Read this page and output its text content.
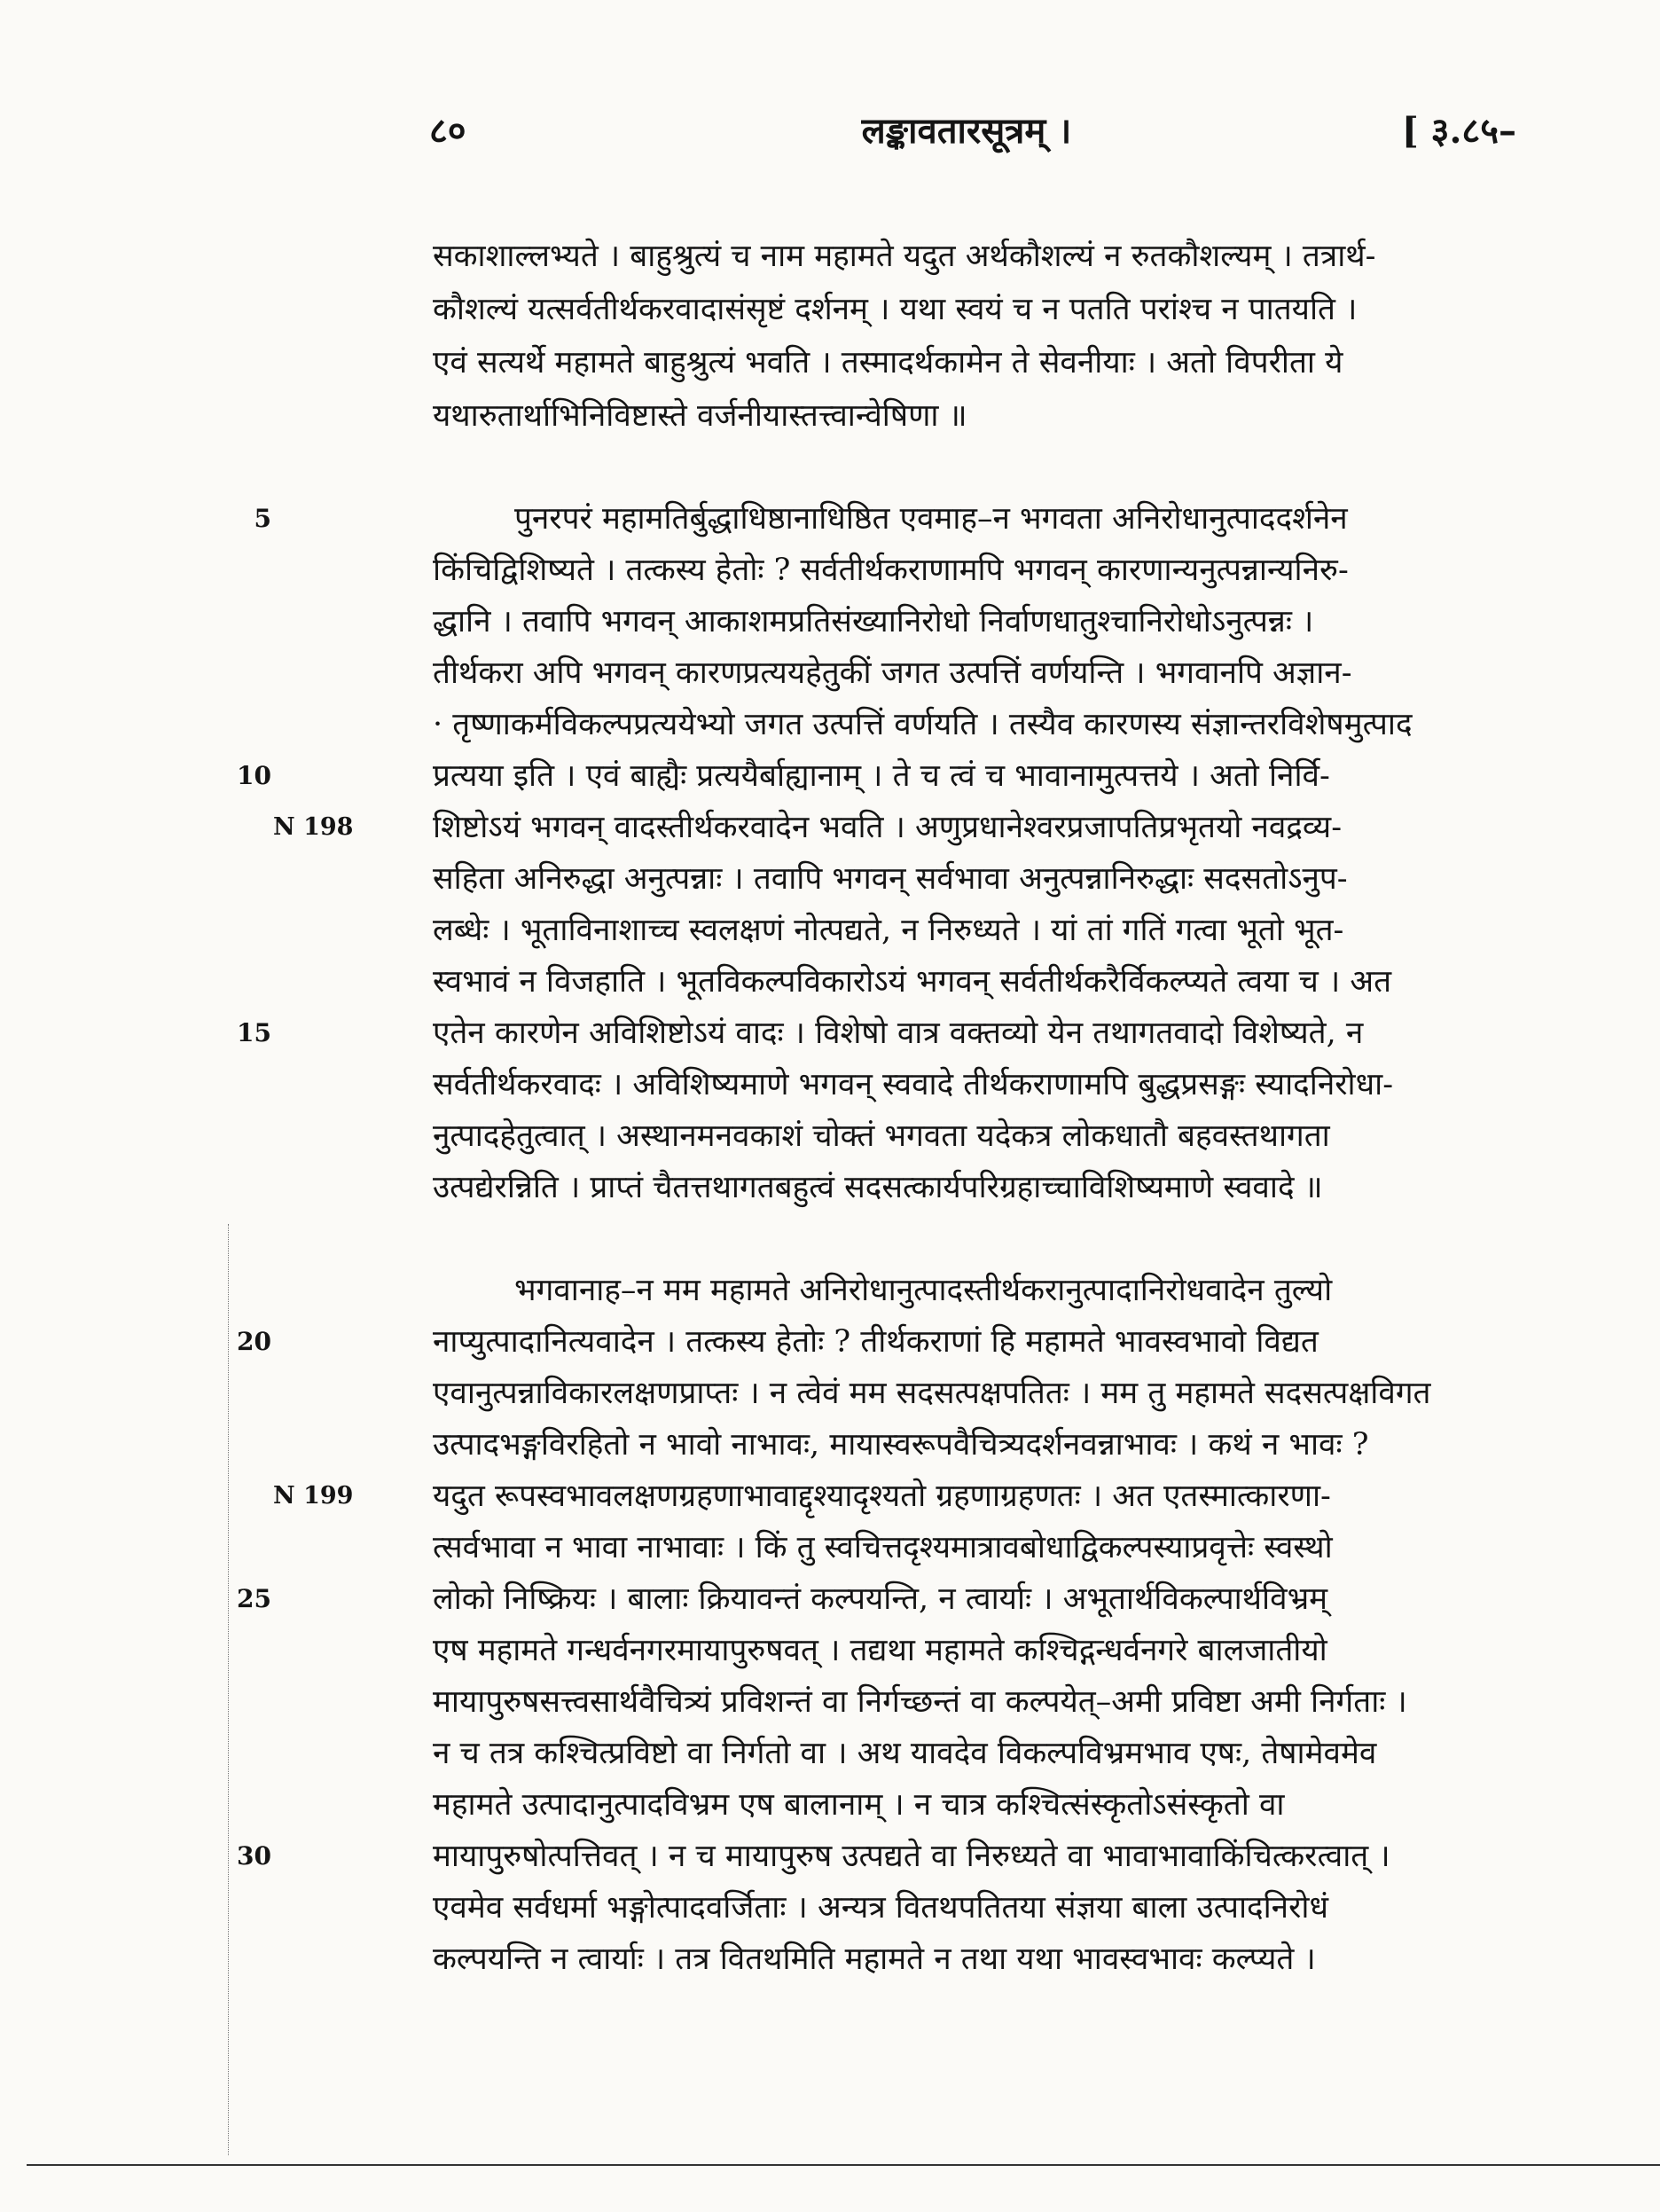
८०	लङ्कावतारसूत्रम् ।	[ ३.८५–
सकाशाल्लभ्यते । बाहुश्रुत्यं च नाम महामते यदुत अर्थकौशल्यं न रुतकौशल्यम् । तत्रार्थ-
कौशल्यं यत्सर्वतीर्थकरवादासंसृष्टं दर्शनम् । यथा स्वयं च न पतति परांश्च न पातयति ।
एवं सत्यर्थे महामते बाहुश्रुत्यं भवति । तस्मादर्थकामेन ते सेवनीयाः । अतो विपरीता ये
यथारुतार्थाभिनिविष्टास्ते वर्जनीयास्तत्त्वान्वेषिणा ॥
5	पुनरपरं महामतिर्बुद्धाधिष्ठानाधिष्ठित एवमाह–न भगवता अनिरोधानुत्पाददर्शनेन
किंचिद्विशिष्यते । तत्कस्य हेतोः ? सर्वतीर्थकराणामपि भगवन् कारणान्यनुत्पन्नान्यनिरु-
द्धानि । तवापि भगवन् आकाशमप्रतिसंख्यानिरोधो निर्वाणधातुश्चानिरोधोऽनुत्पन्नः ।
तीर्थकरा अपि भगवन् कारणप्रत्ययहेतुकीं जगत उत्पत्तिं वर्णयन्ति । भगवानपि अज्ञान-
· तृष्णाकर्मविकल्पप्रत्ययेभ्यो जगत उत्पत्तिं वर्णयति । तस्यैव कारणस्य संज्ञान्तरविशेषमुत्पाद
10	प्रत्यया इति । एवं बाह्यैः प्रत्ययैर्बाह्यानाम् । ते च त्वं च भावानामुत्पत्तये । अतो निर्वि-
शिष्टोऽयं भगवन् वादस्तीर्थकरवादेन भवति । अणुप्रधानेश्वरप्रजापतिप्रभृतयो नवद्रव्य-
सहिता अनिरुद्धा अनुत्पन्नाः । तवापि भगवन् सर्वभावा अनुत्पन्नानिरुद्धाः सदसतोऽनुप-
लब्धेः । भूताविनाशाच्च स्वलक्षणं नोत्पद्यते, न निरुध्यते । यां तां गतिं गत्वा भूतो भूत-
स्वभावं न विजहाति । भूतविकल्पविकारोऽयं भगवन् सर्वतीर्थकरैर्विकल्प्यते त्वया च । अत
15	एतेन कारणेन अविशिष्टोऽयं वादः । विशेषो वात्र वक्तव्यो येन तथागतवादो विशेष्यते, न
सर्वतीर्थकरवादः । अविशिष्यमाणे भगवन् स्ववादे तीर्थकराणामपि बुद्धप्रसङ्गः स्यादनिरोधा-
नुत्पादहेतुत्वात् । अस्थानमनवकाशं चोक्तं भगवता यदेकत्र लोकधातौ बहवस्तथागता
उत्पद्येरन्निति । प्राप्तं चैतत्तथागतबहुत्वं सदसत्कार्यपरिग्रहाच्चाविशिष्यमाणे स्ववादे ॥
भगवानाह–न मम महामते अनिरोधानुत्पादस्तीर्थकरानुत्पादानिरोधवादेन तुल्यो
20	नाप्युत्पादानित्यवादेन । तत्कस्य हेतोः ? तीर्थकराणां हि महामते भावस्वभावो विद्यत
एवानुत्पन्नाविकारलक्षणप्राप्तः । न त्वेवं मम सदसत्पक्षपतितः । मम तु महामते सदसत्पक्षविगत
उत्पादभङ्गविरहितो न भावो नाभावः, मायास्वरूपवैचित्र्यदर्शनवन्नाभावः । कथं न भावः ?
यदुत रूपस्वभावलक्षणग्रहणाभावाद्दृश्यादृश्यतो ग्रहणाग्रहणतः । अत एतस्मात्कारणा-
त्सर्वभावा न भावा नाभावाः । किं तु स्वचित्तदृश्यमात्रावबोधाद्विकल्पस्याप्रवृत्तेः स्वस्थो
25	लोको निष्क्रियः । बालाः क्रियावन्तं कल्पयन्ति, न त्वार्याः । अभूतार्थविकल्पार्थविभ्रम्
एष महामते गन्धर्वनगरमायापुरुषवत् । तद्यथा महामते कश्चिद्गन्धर्वनगरे बालजातीयो
मायापुरुषसत्त्वसार्थवैचित्र्यं प्रविशन्तं वा निर्गच्छन्तं वा कल्पयेत्–अमी प्रविष्टा अमी निर्गताः ।
न च तत्र कश्चित्प्रविष्टो वा निर्गतो वा । अथ यावदेव विकल्पविभ्रमभाव एषः, तेषामेवमेव
महामते उत्पादानुत्पादविभ्रम एष बालानाम् । न चात्र कश्चित्संस्कृतोऽसंस्कृतो वा
30	मायापुरुषोत्पत्तिवत् । न च मायापुरुष उत्पद्यते वा निरुध्यते वा भावाभावाकिंचित्करत्वात् ।
एवमेव सर्वधर्मा भङ्गोत्पादवर्जिताः । अन्यत्र वितथपतितया संज्ञया बाला उत्पादनिरोधं
कल्पयन्ति न त्वार्याः । तत्र वितथमिति महामते न तथा यथा भावस्वभावः कल्प्यते ।
N 198
N 199
